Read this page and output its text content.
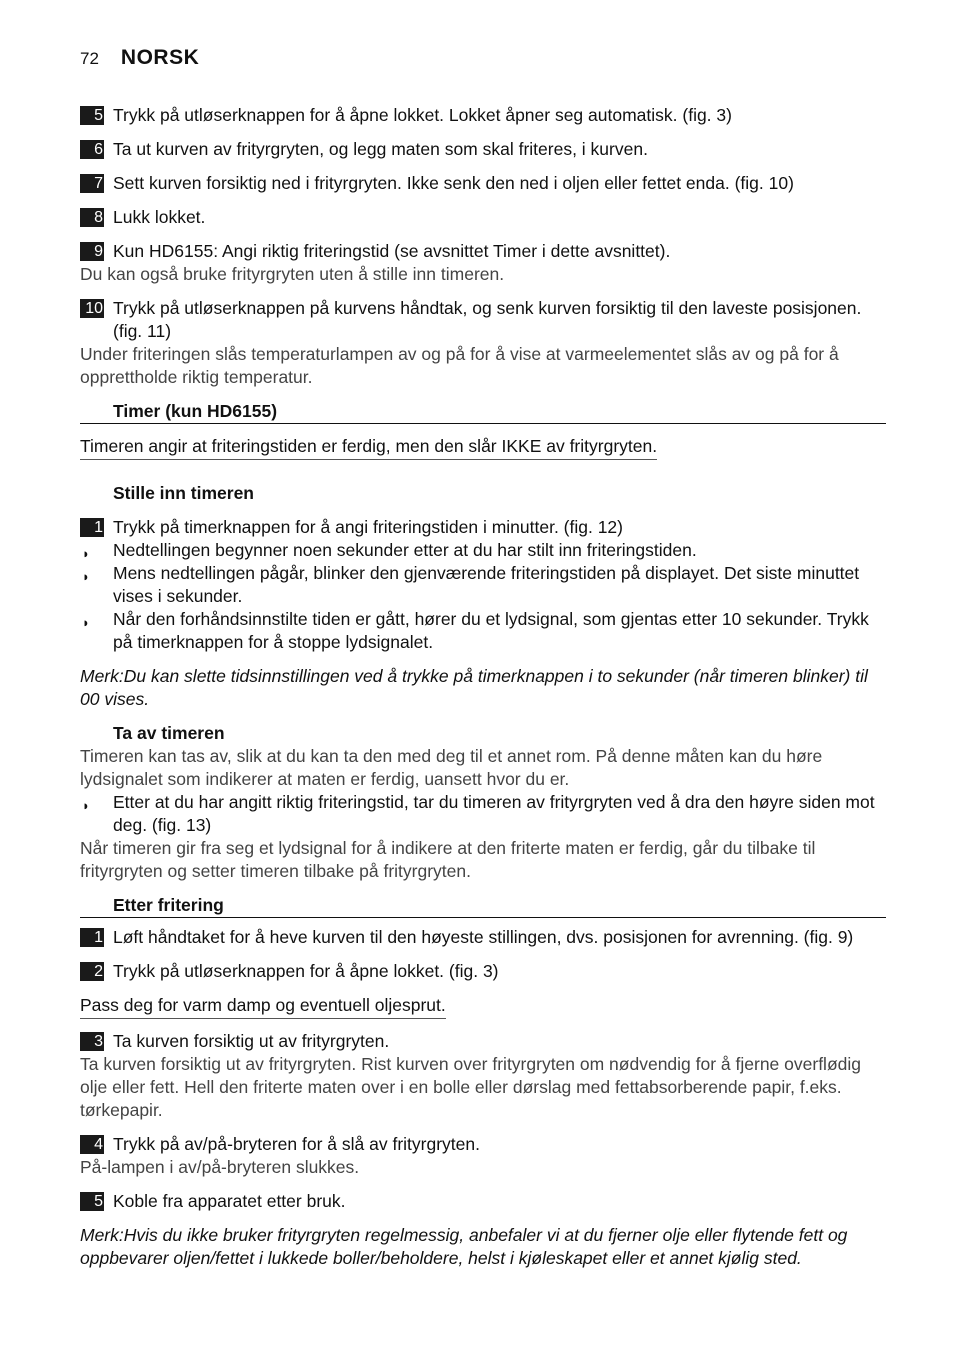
72 NORSK
5 Trykk på utløserknappen for å åpne lokket. Lokket åpner seg automatisk. (fig. 3)
6 Ta ut kurven av frityrgryten, og legg maten som skal friteres, i kurven.
7 Sett kurven forsiktig ned i frityrgryten. Ikke senk den ned i oljen eller fettet enda. (fig. 10)
8 Lukk lokket.
9 Kun HD6155: Angi riktig friteringstid (se avsnittet Timer i dette avsnittet).
Du kan også bruke frityrgryten uten å stille inn timeren.
10 Trykk på utløserknappen på kurvens håndtak, og senk kurven forsiktig til den laveste posisjonen. (fig. 11)
Under friteringen slås temperaturlampen av og på for å vise at varmeelementet slås av og på for å opprettholde riktig temperatur.
Timer (kun HD6155)
Timeren angir at friteringstiden er ferdig, men den slår IKKE av frityrgryten.
Stille inn timeren
1 Trykk på timerknappen for å angi friteringstiden i minutter. (fig. 12)
◗ Nedtellingen begynner noen sekunder etter at du har stilt inn friteringstiden.
◗ Mens nedtellingen pågår, blinker den gjenværende friteringstiden på displayet. Det siste minuttet vises i sekunder.
◗ Når den forhåndsinnstilte tiden er gått, hører du et lydsignal, som gjentas etter 10 sekunder. Trykk på timerknappen for å stoppe lydsignalet.
Merk:Du kan slette tidsinnstillingen ved å trykke på timerknappen i to sekunder (når timeren blinker) til 00 vises.
Ta av timeren
Timeren kan tas av, slik at du kan ta den med deg til et annet rom. På denne måten kan du høre lydsignalet som indikerer at maten er ferdig, uansett hvor du er.
◗ Etter at du har angitt riktig friteringstid, tar du timeren av frityrgryten ved å dra den høyre siden mot deg. (fig. 13)
Når timeren gir fra seg et lydsignal for å indikere at den friterte maten er ferdig, går du tilbake til frityrgryten og setter timeren tilbake på frityrgryten.
Etter fritering
1 Løft håndtaket for å heve kurven til den høyeste stillingen, dvs. posisjonen for avrenning. (fig. 9)
2 Trykk på utløserknappen for å åpne lokket. (fig. 3)
Pass deg for varm damp og eventuell oljesprut.
3 Ta kurven forsiktig ut av frityrgryten.
Ta kurven forsiktig ut av frityrgryten. Rist kurven over frityrgryten om nødvendig for å fjerne overflødig olje eller fett. Hell den friterte maten over i en bolle eller dørslag med fettabsorberende papir, f.eks. tørkepapir.
4 Trykk på av/på-bryteren for å slå av frityrgryten.
På-lampen i av/på-bryteren slukkes.
5 Koble fra apparatet etter bruk.
Merk:Hvis du ikke bruker frityrgryten regelmessig, anbefaler vi at du fjerner olje eller flytende fett og oppbevarer oljen/fettet i lukkede boller/beholdere, helst i kjøleskapet eller et annet kjølig sted.
